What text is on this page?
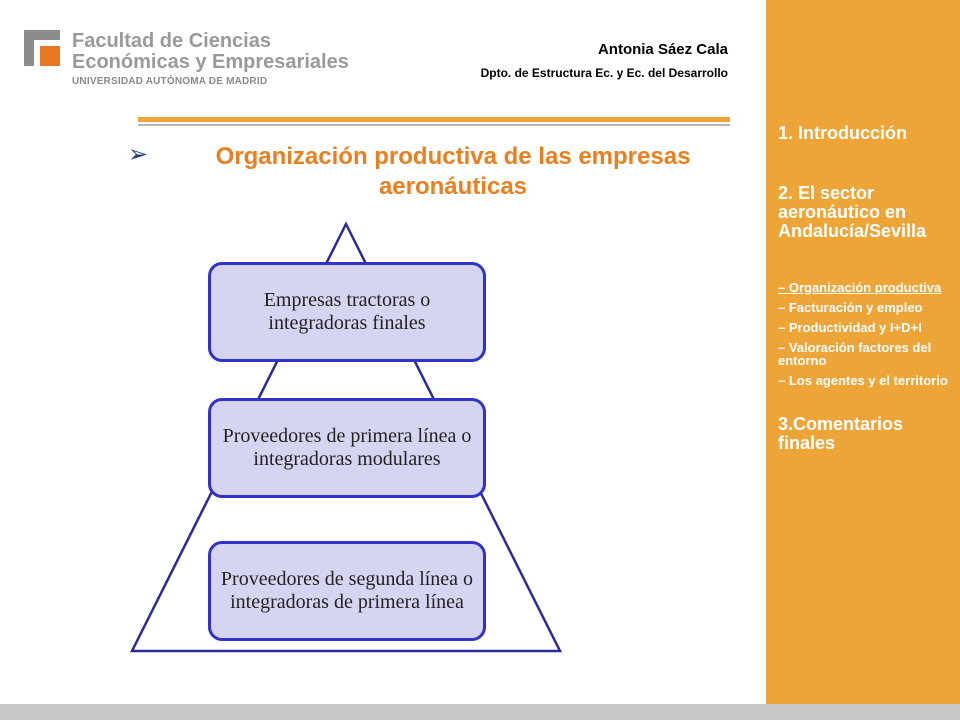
Facultad de Ciencias
Económicas y Empresariales
UNIVERSIDAD AUTÓNOMA DE MADRID
Antonia Sáez Cala
Dpto. de Estructura Ec. y Ec. del Desarrollo
➢	Organización productiva de las empresas aeronáuticas
Empresas tractoras o integradoras finales
Proveedores de primera línea o integradoras modulares
Proveedores de segunda línea o integradoras de primera línea
1. Introducción
2. El sector aeronáutico en Andalucía/Sevilla
– Organización productiva
– Facturación y empleo
– Productividad y I+D+I
– Valoración factores del entorno
– Los agentes y el territorio
3.Comentarios finales
